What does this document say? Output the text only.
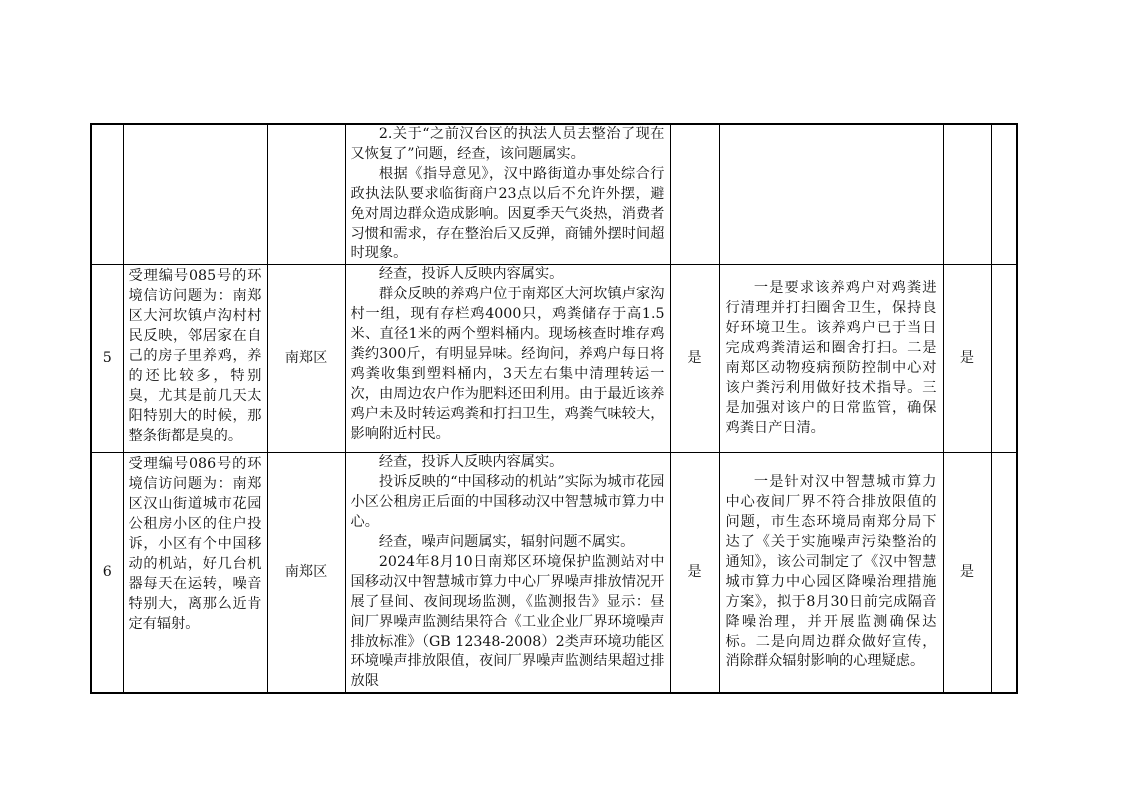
			2.关于“之前汉台区的执法人员去整治了现在又恢复了”问题，经查，该问题属实。

根据《指导意见》，汉中路街道办事处综合行政执法队要求临街商户23点以后不允许外摆，避免对周边群众造成影响。因夏季天气炎热，消费者习惯和需求，存在整治后又反弹，商铺外摆时间超时现象。				

5	受理编号085号的环境信访问题为：南郑区大河坎镇卢沟村村民反映，邻居家在自己的房子里养鸡，养的还比较多，特别臭，尤其是前几天太阳特别大的时候，那整条街都是臭的。	南郑区	经查，投诉人反映内容属实。

群众反映的养鸡户位于南郑区大河坎镇卢家沟村一组，现有存栏鸡4000只，鸡粪储存于高1.5米、直径1米的两个塑料桶内。现场核查时堆存鸡粪约300斤，有明显异味。经询问，养鸡户每日将鸡粪收集到塑料桶内，3天左右集中清理转运一次，由周边农户作为肥料还田利用。由于最近该养鸡户未及时转运鸡粪和打扫卫生，鸡粪气味较大，影响附近村民。	是	一是要求该养鸡户对鸡粪进行清理并打扫圈舍卫生，保持良好环境卫生。该养鸡户已于当日完成鸡粪清运和圈舍打扫。二是南郑区动物疫病预防控制中心对该户粪污利用做好技术指导。三是加强对该户的日常监管，确保鸡粪日产日清。	是	
6	受理编号086号的环境信访问题为：南郑区汉山街道城市花园公租房小区的住户投诉，小区有个中国移动的机站，好几台机器每天在运转，噪音特别大，离那么近肯定有辐射。	南郑区	经查，投诉人反映内容属实。

投诉反映的“中国移动的机站”实际为城市花园小区公租房正后面的中国移动汉中智慧城市算力中心。

经查，噪声问题属实，辐射问题不属实。

2024年8月10日南郑区环境保护监测站对中国移动汉中智慧城市算力中心厂界噪声排放情况开展了昼间、夜间现场监测，《监测报告》显示：昼间厂界噪声监测结果符合《工业企业厂界环境噪声排放标准》（GB 12348-2008）2类声环境功能区环境噪声排放限值，夜间厂界噪声监测结果超过排放限	是	一是针对汉中智慧城市算力中心夜间厂界不符合排放限值的问题，市生态环境局南郑分局下达了《关于实施噪声污染整治的通知》，该公司制定了《汉中智慧城市算力中心园区降噪治理措施方案》，拟于8月30日前完成隔音降噪治理，并开展监测确保达标。二是向周边群众做好宣传，消除群众辐射影响的心理疑虑。	是	
